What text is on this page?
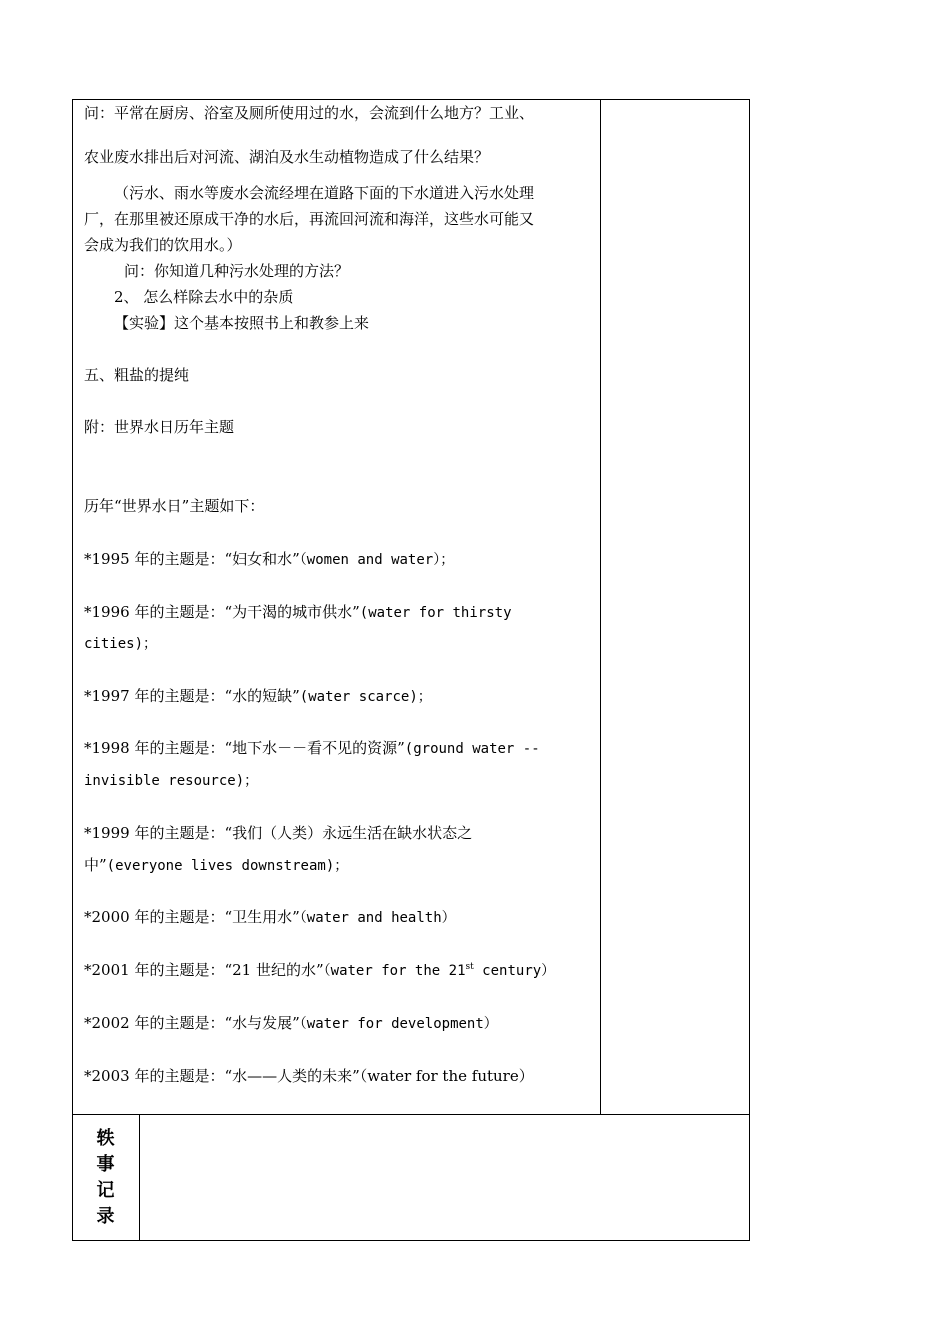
问：平常在厨房、浴室及厕所使用过的水，会流到什么地方？工业、
农业废水排出后对河流、湖泊及水生动植物造成了什么结果？
（污水、雨水等废水会流经埋在道路下面的下水道进入污水处理
厂，在那里被还原成干净的水后，再流回河流和海洋，这些水可能又
会成为我们的饮用水。）
问：你知道几种污水处理的方法？
2、 怎么样除去水中的杂质
【实验】这个基本按照书上和教参上来
五、粗盐的提纯
附：世界水日历年主题
历年“世界水日”主题如下：
*1995 年的主题是：“妇女和水”（women and water）；
*1996 年的主题是：“为干渴的城市供水”(water for thirsty
cities)；
*1997 年的主题是：“水的短缺”(water scarce)；
*1998 年的主题是：“地下水－－看不见的资源”(ground water --
invisible resource)；
*1999 年的主题是：“我们（人类）永远生活在缺水状态之
中”(everyone lives downstream)；
*2000 年的主题是：“卫生用水”（water and health）
*2001 年的主题是：“21 世纪的水”（water for the 21st century）
*2002 年的主题是：“水与发展”（water for development）
*2003 年的主题是：“水——人类的未来”（water for the future）
轶
事
记
录
